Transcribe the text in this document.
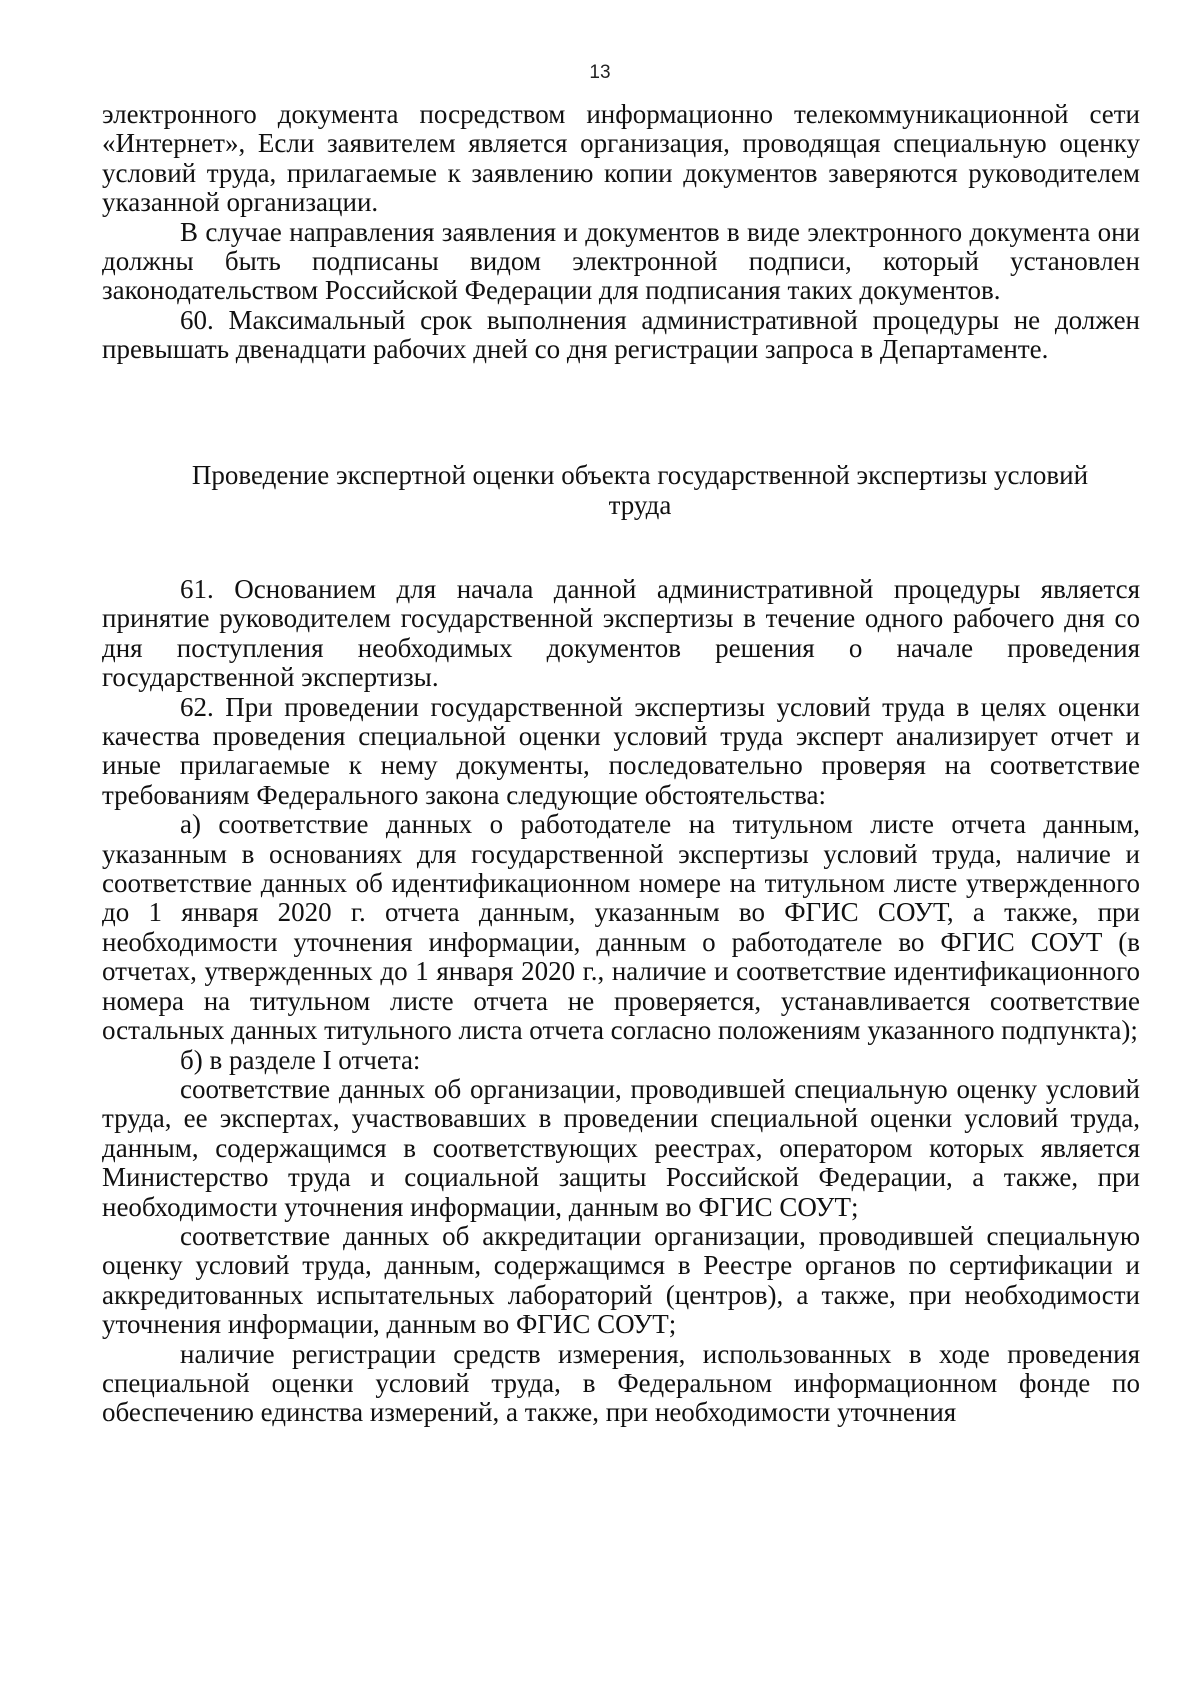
13

электронного документа посредством информационно телекоммуникационной сети «Интернет», Если заявителем является организация, проводящая специальную оценку условий труда, прилагаемые к заявлению копии документов заверяются руководителем указанной организации.

В случае направления заявления и документов в виде электронного документа они должны быть подписаны видом электронной подписи, который установлен законодательством Российской Федерации для подписания таких документов.

60. Максимальный срок выполнения административной процедуры не должен превышать двенадцати рабочих дней со дня регистрации запроса в Департаменте.

Проведение экспертной оценки объекта государственной экспертизы условий труда

61. Основанием для начала данной административной процедуры является принятие руководителем государственной экспертизы в течение одного рабочего дня со дня поступления необходимых документов решения о начале проведения государственной экспертизы.

62. При проведении государственной экспертизы условий труда в целях оценки качества проведения специальной оценки условий труда эксперт анализирует отчет и иные прилагаемые к нему документы, последовательно проверяя на соответствие требованиям Федерального закона следующие обстоятельства:

а) соответствие данных о работодателе на титульном листе отчета данным, указанным в основаниях для государственной экспертизы условий труда, наличие и соответствие данных об идентификационном номере на титульном листе утвержденного до 1 января 2020 г. отчета данным, указанным во ФГИС СОУТ, а также, при необходимости уточнения информации, данным о работодателе во ФГИС СОУТ (в отчетах, утвержденных до 1 января 2020 г., наличие и соответствие идентификационного номера на титульном листе отчета не проверяется, устанавливается соответствие остальных данных титульного листа отчета согласно положениям указанного подпункта);

б) в разделе I отчета:

соответствие данных об организации, проводившей специальную оценку условий труда, ее экспертах, участвовавших в проведении специальной оценки условий труда, данным, содержащимся в соответствующих реестрах, оператором которых является Министерство труда и социальной защиты Российской Федерации, а также, при необходимости уточнения информации, данным во ФГИС СОУТ;

соответствие данных об аккредитации организации, проводившей специальную оценку условий труда, данным, содержащимся в Реестре органов по сертификации и аккредитованных испытательных лабораторий (центров), а также, при необходимости уточнения информации, данным во ФГИС СОУТ;

наличие регистрации средств измерения, использованных в ходе проведения специальной оценки условий труда, в Федеральном информационном фонде по обеспечению единства измерений, а также, при необходимости уточнения
